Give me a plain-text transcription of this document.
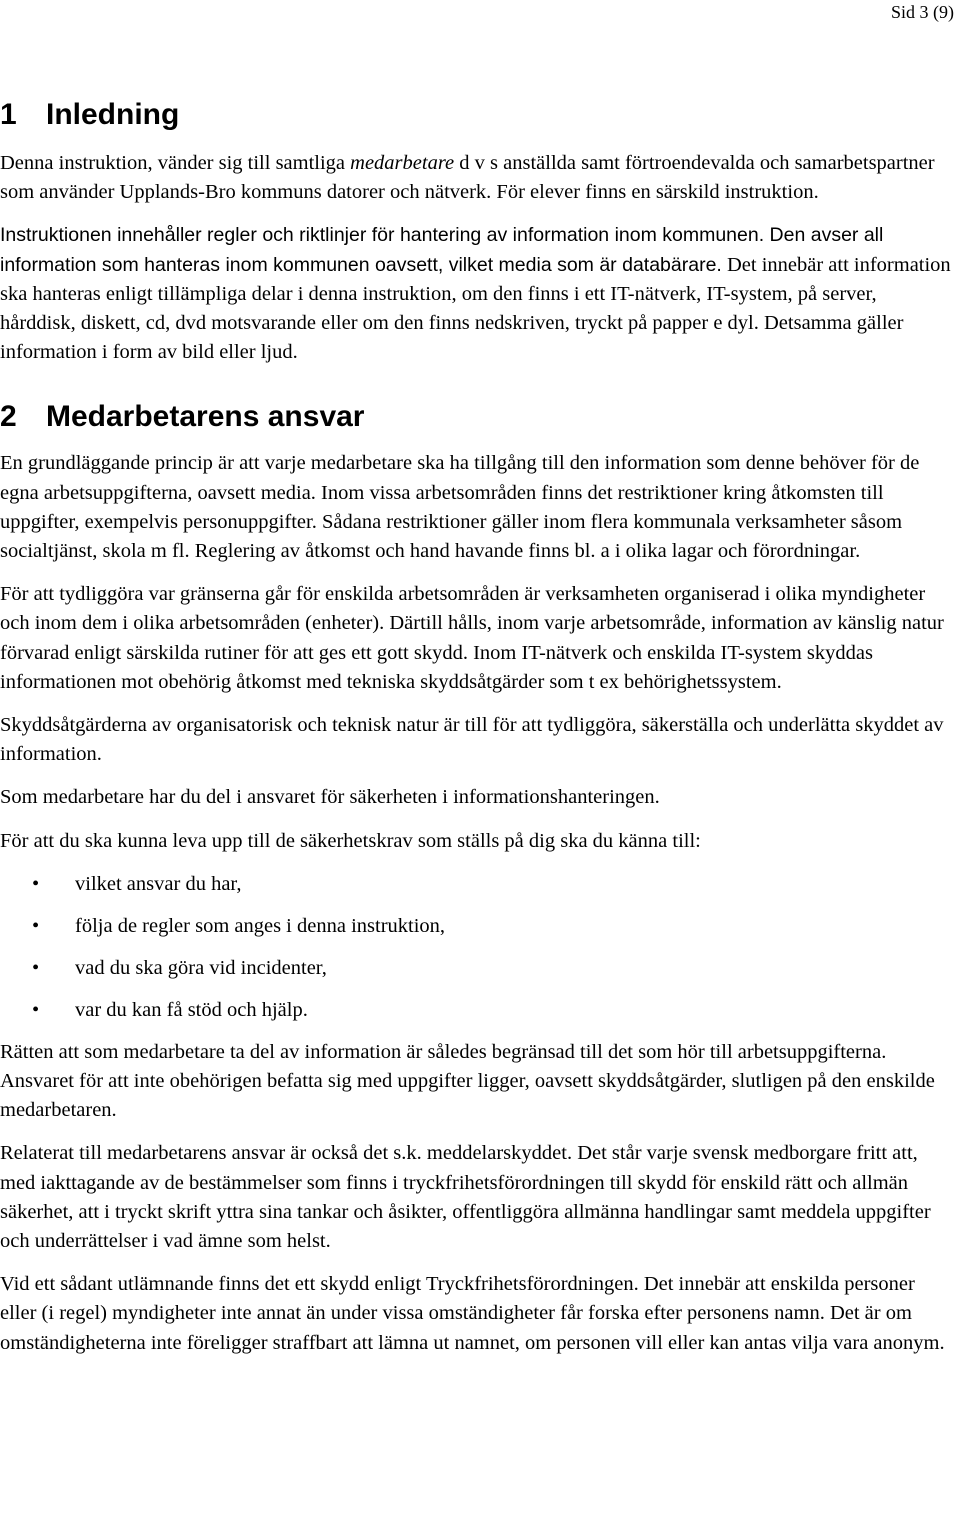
Sid 3 (9)
1 Inledning

Denna instruktion, vänder sig till samtliga medarbetare d v s anställda samt förtroendevalda och samarbetspartner som använder Upplands-Bro kommuns datorer och nätverk. För elever finns en särskild instruktion.

Instruktionen innehåller regler och riktlinjer för hantering av information inom kommunen. Den avser all information som hanteras inom kommunen oavsett, vilket media som är databärare. Det innebär att information ska hanteras enligt tillämpliga delar i denna instruktion, om den finns i ett IT-nätverk, IT-system, på server, hårddisk, diskett, cd, dvd motsvarande eller om den finns nedskriven, tryckt på papper e dyl. Detsamma gäller information i form av bild eller ljud.

2 Medarbetarens ansvar

En grundläggande princip är att varje medarbetare ska ha tillgång till den information som denne behöver för de egna arbetsuppgifterna, oavsett media. Inom vissa arbetsområden finns det restriktioner kring åtkomsten till uppgifter, exempelvis personuppgifter. Sådana restriktioner gäller inom flera kommunala verksamheter såsom socialtjänst, skola m fl. Reglering av åtkomst och hand havande finns bl. a i olika lagar och förordningar.

För att tydliggöra var gränserna går för enskilda arbetsområden är verksamheten organiserad i olika myndigheter och inom dem i olika arbetsområden (enheter). Därtill hålls, inom varje arbetsområde, information av känslig natur förvarad enligt särskilda rutiner för att ges ett gott skydd. Inom IT-nätverk och enskilda IT-system skyddas informationen mot obehörig åtkomst med tekniska skyddsåtgärder som t ex behörighetssystem.

Skyddsåtgärderna av organisatorisk och teknisk natur är till för att tydliggöra, säkerställa och underlätta skyddet av information.

Som medarbetare har du del i ansvaret för säkerheten i informationshanteringen.

För att du ska kunna leva upp till de säkerhetskrav som ställs på dig ska du känna till:

• vilket ansvar du har,
• följa de regler som anges i denna instruktion,
• vad du ska göra vid incidenter,
• var du kan få stöd och hjälp.

Rätten att som medarbetare ta del av information är således begränsad till det som hör till arbetsuppgifterna. Ansvaret för att inte obehörigen befatta sig med uppgifter ligger, oavsett skyddsåtgärder, slutligen på den enskilde medarbetaren.

Relaterat till medarbetarens ansvar är också det s.k. meddelarskyddet. Det står varje svensk medborgare fritt att, med iakttagande av de bestämmelser som finns i tryckfrihetsförordningen till skydd för enskild rätt och allmän säkerhet, att i tryckt skrift yttra sina tankar och åsikter, offentliggöra allmänna handlingar samt meddela uppgifter och underrättelser i vad ämne som helst.

Vid ett sådant utlämnande finns det ett skydd enligt Tryckfrihetsförordningen. Det innebär att enskilda personer eller (i regel) myndigheter inte annat än under vissa omständigheter får forska efter personens namn. Det är om omständigheterna inte föreligger straffbart att lämna ut namnet, om personen vill eller kan antas vilja vara anonym.
